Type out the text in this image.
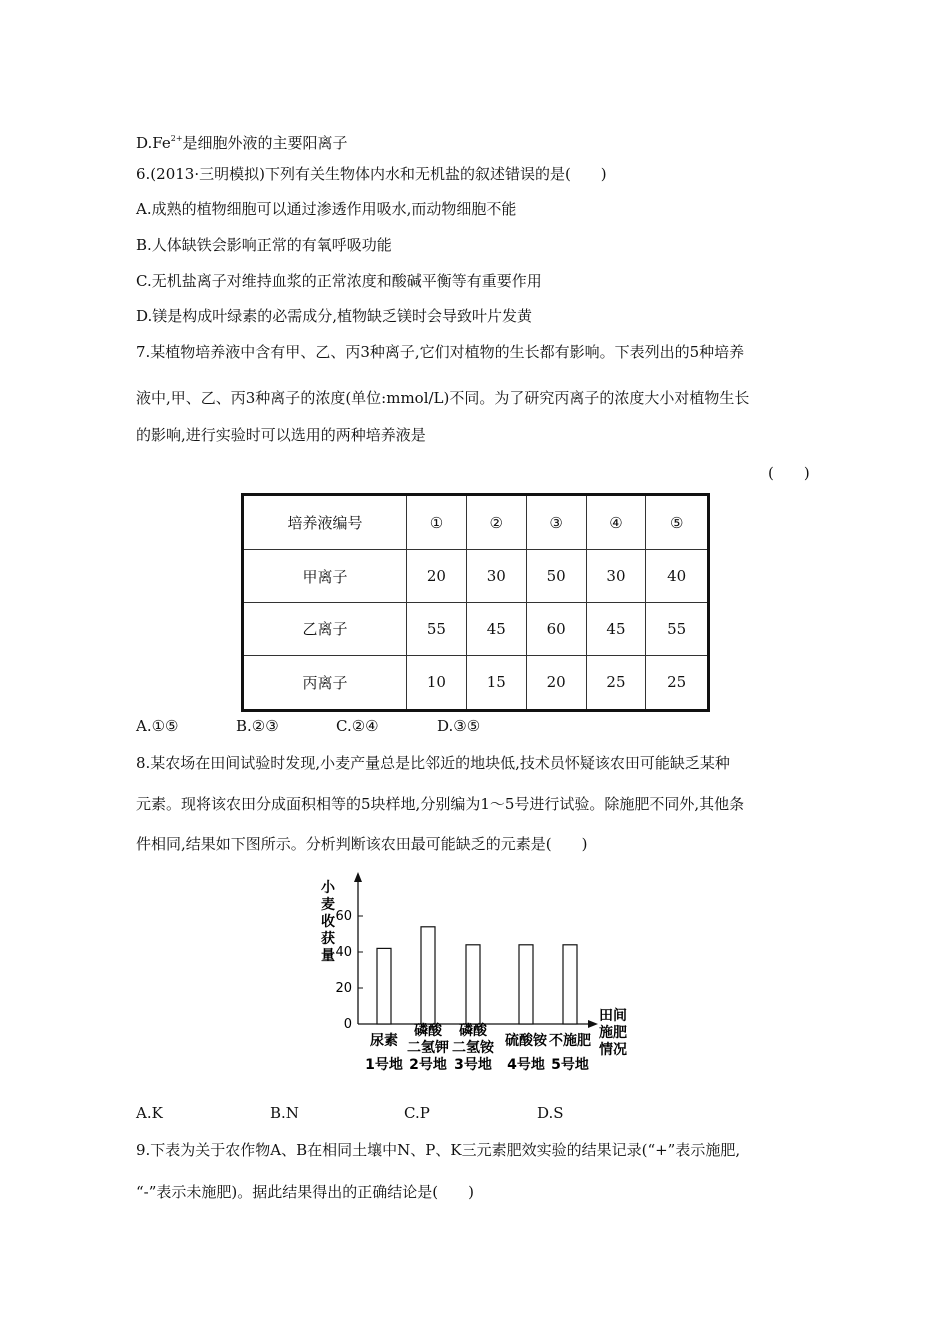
$D.Fe^{2+}$是细胞外液的主要阳离子
6.(2013·三明模拟)下列有关生物体内水和无机盐的叙述错误的是(　　)
A.成熟的植物细胞可以通过渗透作用吸水,而动物细胞不能
B.人体缺铁会影响正常的有氧呼吸功能
C.无机盐离子对维持血浆的正常浓度和酸碱平衡等有重要作用
D.镁是构成叶绿素的必需成分,植物缺乏镁时会导致叶片发黄
7.某植物培养液中含有甲、乙、丙3种离子,它们对植物的生长都有影响。下表列出的5种培养
液中,甲、乙、丙3种离子的浓度(单位:mmol/L)不同。为了研究丙离子的浓度大小对植物生长
的影响,进行实验时可以选用的两种培养液是
(　　)
培养液编号	①	②	③	④	⑤
甲离子	20	30	50	30	40
乙离子	55	45	60	45	55
丙离子	10	15	20	25	25
A.①⑤	B.②③	C.②④	D.③⑤
8.某农场在田间试验时发现,小麦产量总是比邻近的地块低,技术员怀疑该农田可能缺乏某种
元素。现将该农田分成面积相等的5块样地,分别编为1～5号进行试验。除施肥不同外,其他条
件相同,结果如下图所示。分析判断该农田最可能缺乏的元素是(　　)
0
20
40
60
小
麦
收
获
量
尿素
1号地
磷酸
二氢钾
2号地
磷酸
二氢铵
3号地
硫酸铵
4号地
不施肥
5号地
田间
施肥
情况
A.K	B.N	C.P	D.S
9.下表为关于农作物A、B在相同土壤中N、P、K三元素肥效实验的结果记录(“+”表示施肥,
“-”表示未施肥)。据此结果得出的正确结论是(　　)
